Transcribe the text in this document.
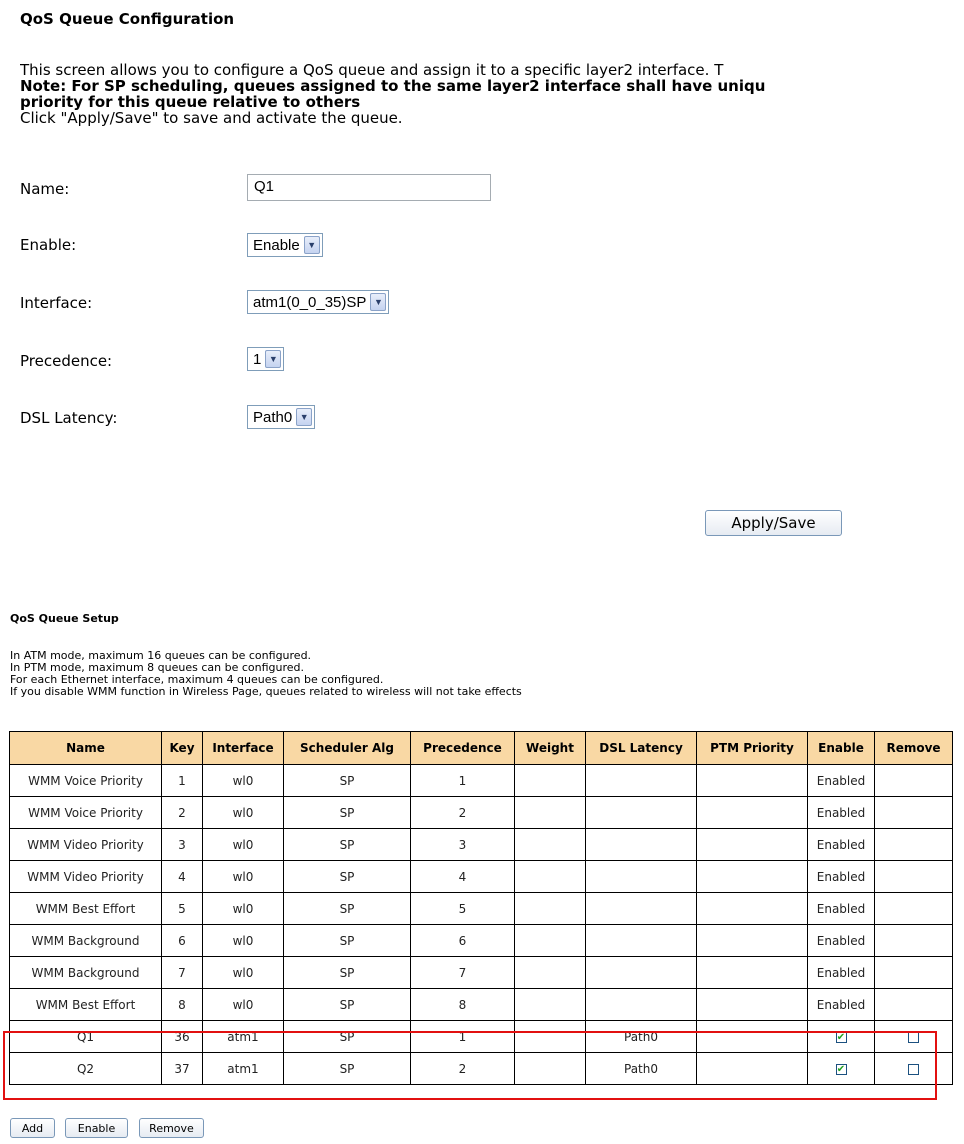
QoS Queue Configuration
This screen allows you to configure a QoS queue and assign it to a specific layer2 interface. T
Note: For SP scheduling, queues assigned to the same layer2 interface shall have uniqu
priority for this queue relative to others
Click "Apply/Save" to save and activate the queue.
Name:	Q1
Enable:	Enable ▼
Interface:	atm1(0_0_35)SP ▼
Precedence:	1 ▼
DSL Latency:	Path0 ▼
Apply/Save
QoS Queue Setup
In ATM mode, maximum 16 queues can be configured.
In PTM mode, maximum 8 queues can be configured.
For each Ethernet interface, maximum 4 queues can be configured.
If you disable WMM function in Wireless Page, queues related to wireless will not take effects
Name	Key	Interface	Scheduler Alg	Precedence	Weight	DSL Latency	PTM Priority	Enable	Remove
WMM Voice Priority	1	wl0	SP	1				Enabled	
WMM Voice Priority	2	wl0	SP	2				Enabled	
WMM Video Priority	3	wl0	SP	3				Enabled	
WMM Video Priority	4	wl0	SP	4				Enabled	
WMM Best Effort	5	wl0	SP	5				Enabled	
WMM Background	6	wl0	SP	6				Enabled	
WMM Background	7	wl0	SP	7				Enabled	
WMM Best Effort	8	wl0	SP	8				Enabled	
Q1	36	atm1	SP	1		Path0		✔	
Q2	37	atm1	SP	2		Path0		✔	
Add	Enable	Remove
